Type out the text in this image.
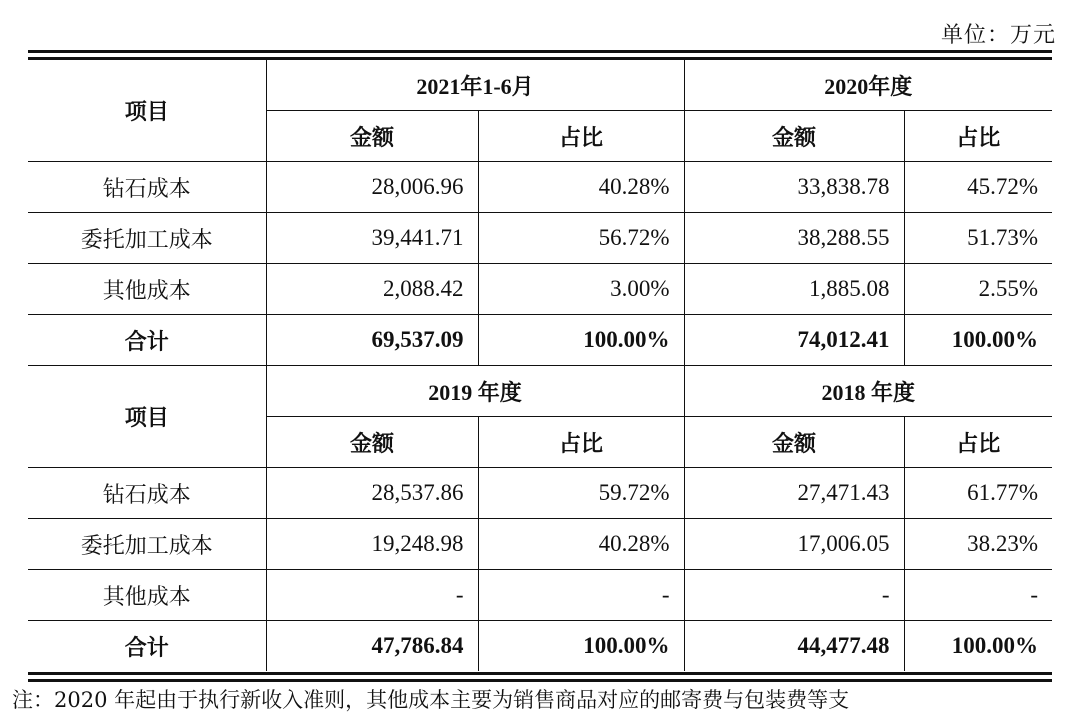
单位：万元
项目	2021年1-6月		2020年度	
	金额	占比	金额	占比
钻石成本	28,006.96	40.28%	33,838.78	45.72%
委托加工成本	39,441.71	56.72%	38,288.55	51.73%
其他成本	2,088.42	3.00%	1,885.08	2.55%
合计	69,537.09	100.00%	74,012.41	100.00%
项目	2019 年度		2018 年度	
	金额	占比	金额	占比
钻石成本	28,537.86	59.72%	27,471.43	61.77%
委托加工成本	19,248.98	40.28%	17,006.05	38.23%
其他成本	-	-	-	-
合计	47,786.84	100.00%	44,477.48	100.00%
注：2020 年起由于执行新收入准则，其他成本主要为销售商品对应的邮寄费与包装费等支
